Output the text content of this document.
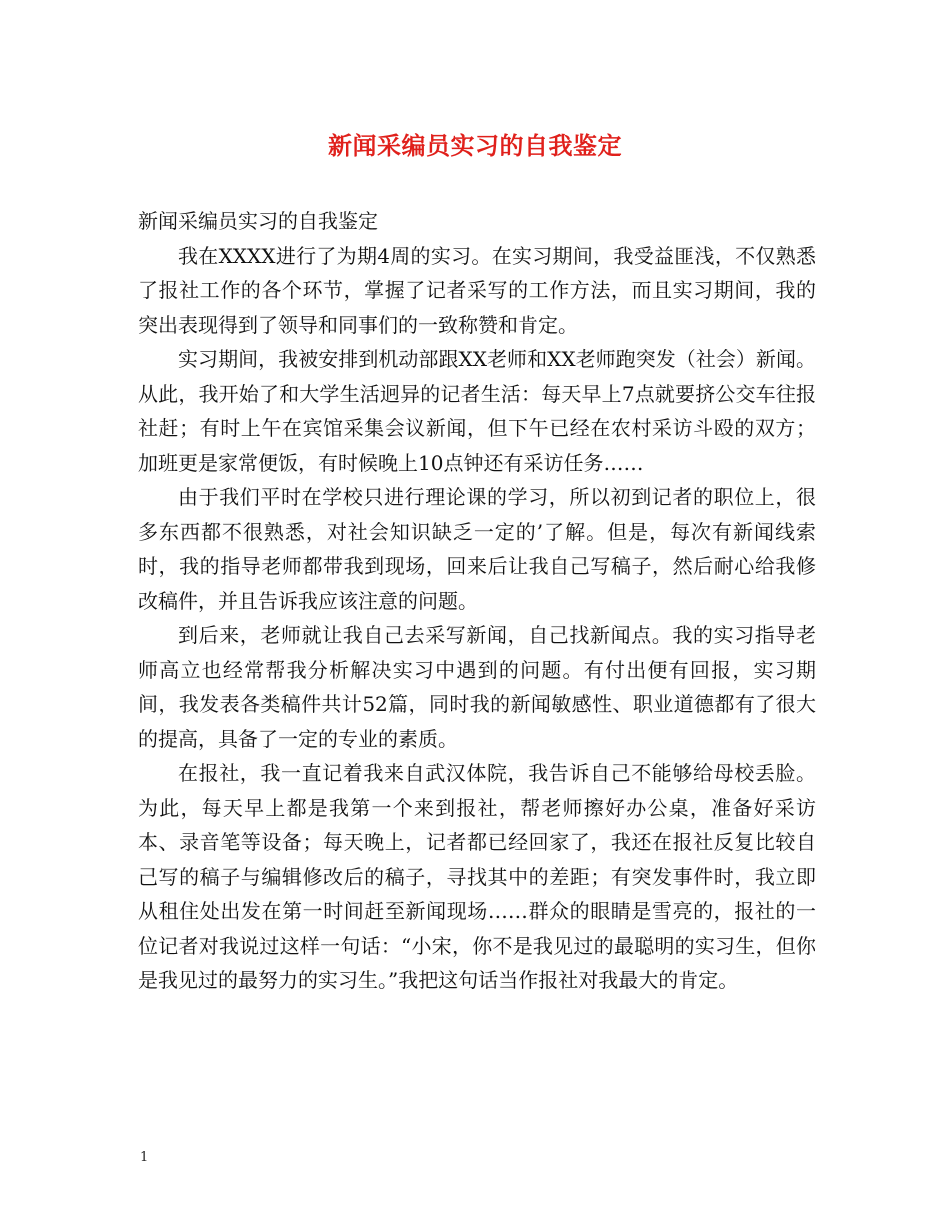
新闻采编员实习的自我鉴定

新闻采编员实习的自我鉴定

我在XXXX进行了为期4周的实习。在实习期间，我受益匪浅，不仅熟悉了报社工作的各个环节，掌握了记者采写的工作方法，而且实习期间，我的突出表现得到了领导和同事们的一致称赞和肯定。

实习期间，我被安排到机动部跟XX老师和XX老师跑突发（社会）新闻。从此，我开始了和大学生活迥异的记者生活：每天早上7点就要挤公交车往报社赶；有时上午在宾馆采集会议新闻，但下午已经在农村采访斗殴的双方；加班更是家常便饭，有时候晚上10点钟还有采访任务……

由于我们平时在学校只进行理论课的学习，所以初到记者的职位上，很多东西都不很熟悉，对社会知识缺乏一定的’了解。但是，每次有新闻线索时，我的指导老师都带我到现场，回来后让我自己写稿子，然后耐心给我修改稿件，并且告诉我应该注意的问题。

到后来，老师就让我自己去采写新闻，自己找新闻点。我的实习指导老师高立也经常帮我分析解决实习中遇到的问题。有付出便有回报，实习期间，我发表各类稿件共计52篇，同时我的新闻敏感性、职业道德都有了很大的提高，具备了一定的专业的素质。

在报社，我一直记着我来自武汉体院，我告诉自己不能够给母校丢脸。为此，每天早上都是我第一个来到报社，帮老师擦好办公桌，准备好采访本、录音笔等设备；每天晚上，记者都已经回家了，我还在报社反复比较自己写的稿子与编辑修改后的稿子，寻找其中的差距；有突发事件时，我立即从租住处出发在第一时间赶至新闻现场……群众的眼睛是雪亮的，报社的一位记者对我说过这样一句话：“小宋，你不是我见过的最聪明的实习生，但你是我见过的最努力的实习生。”我把这句话当作报社对我最大的肯定。

1
